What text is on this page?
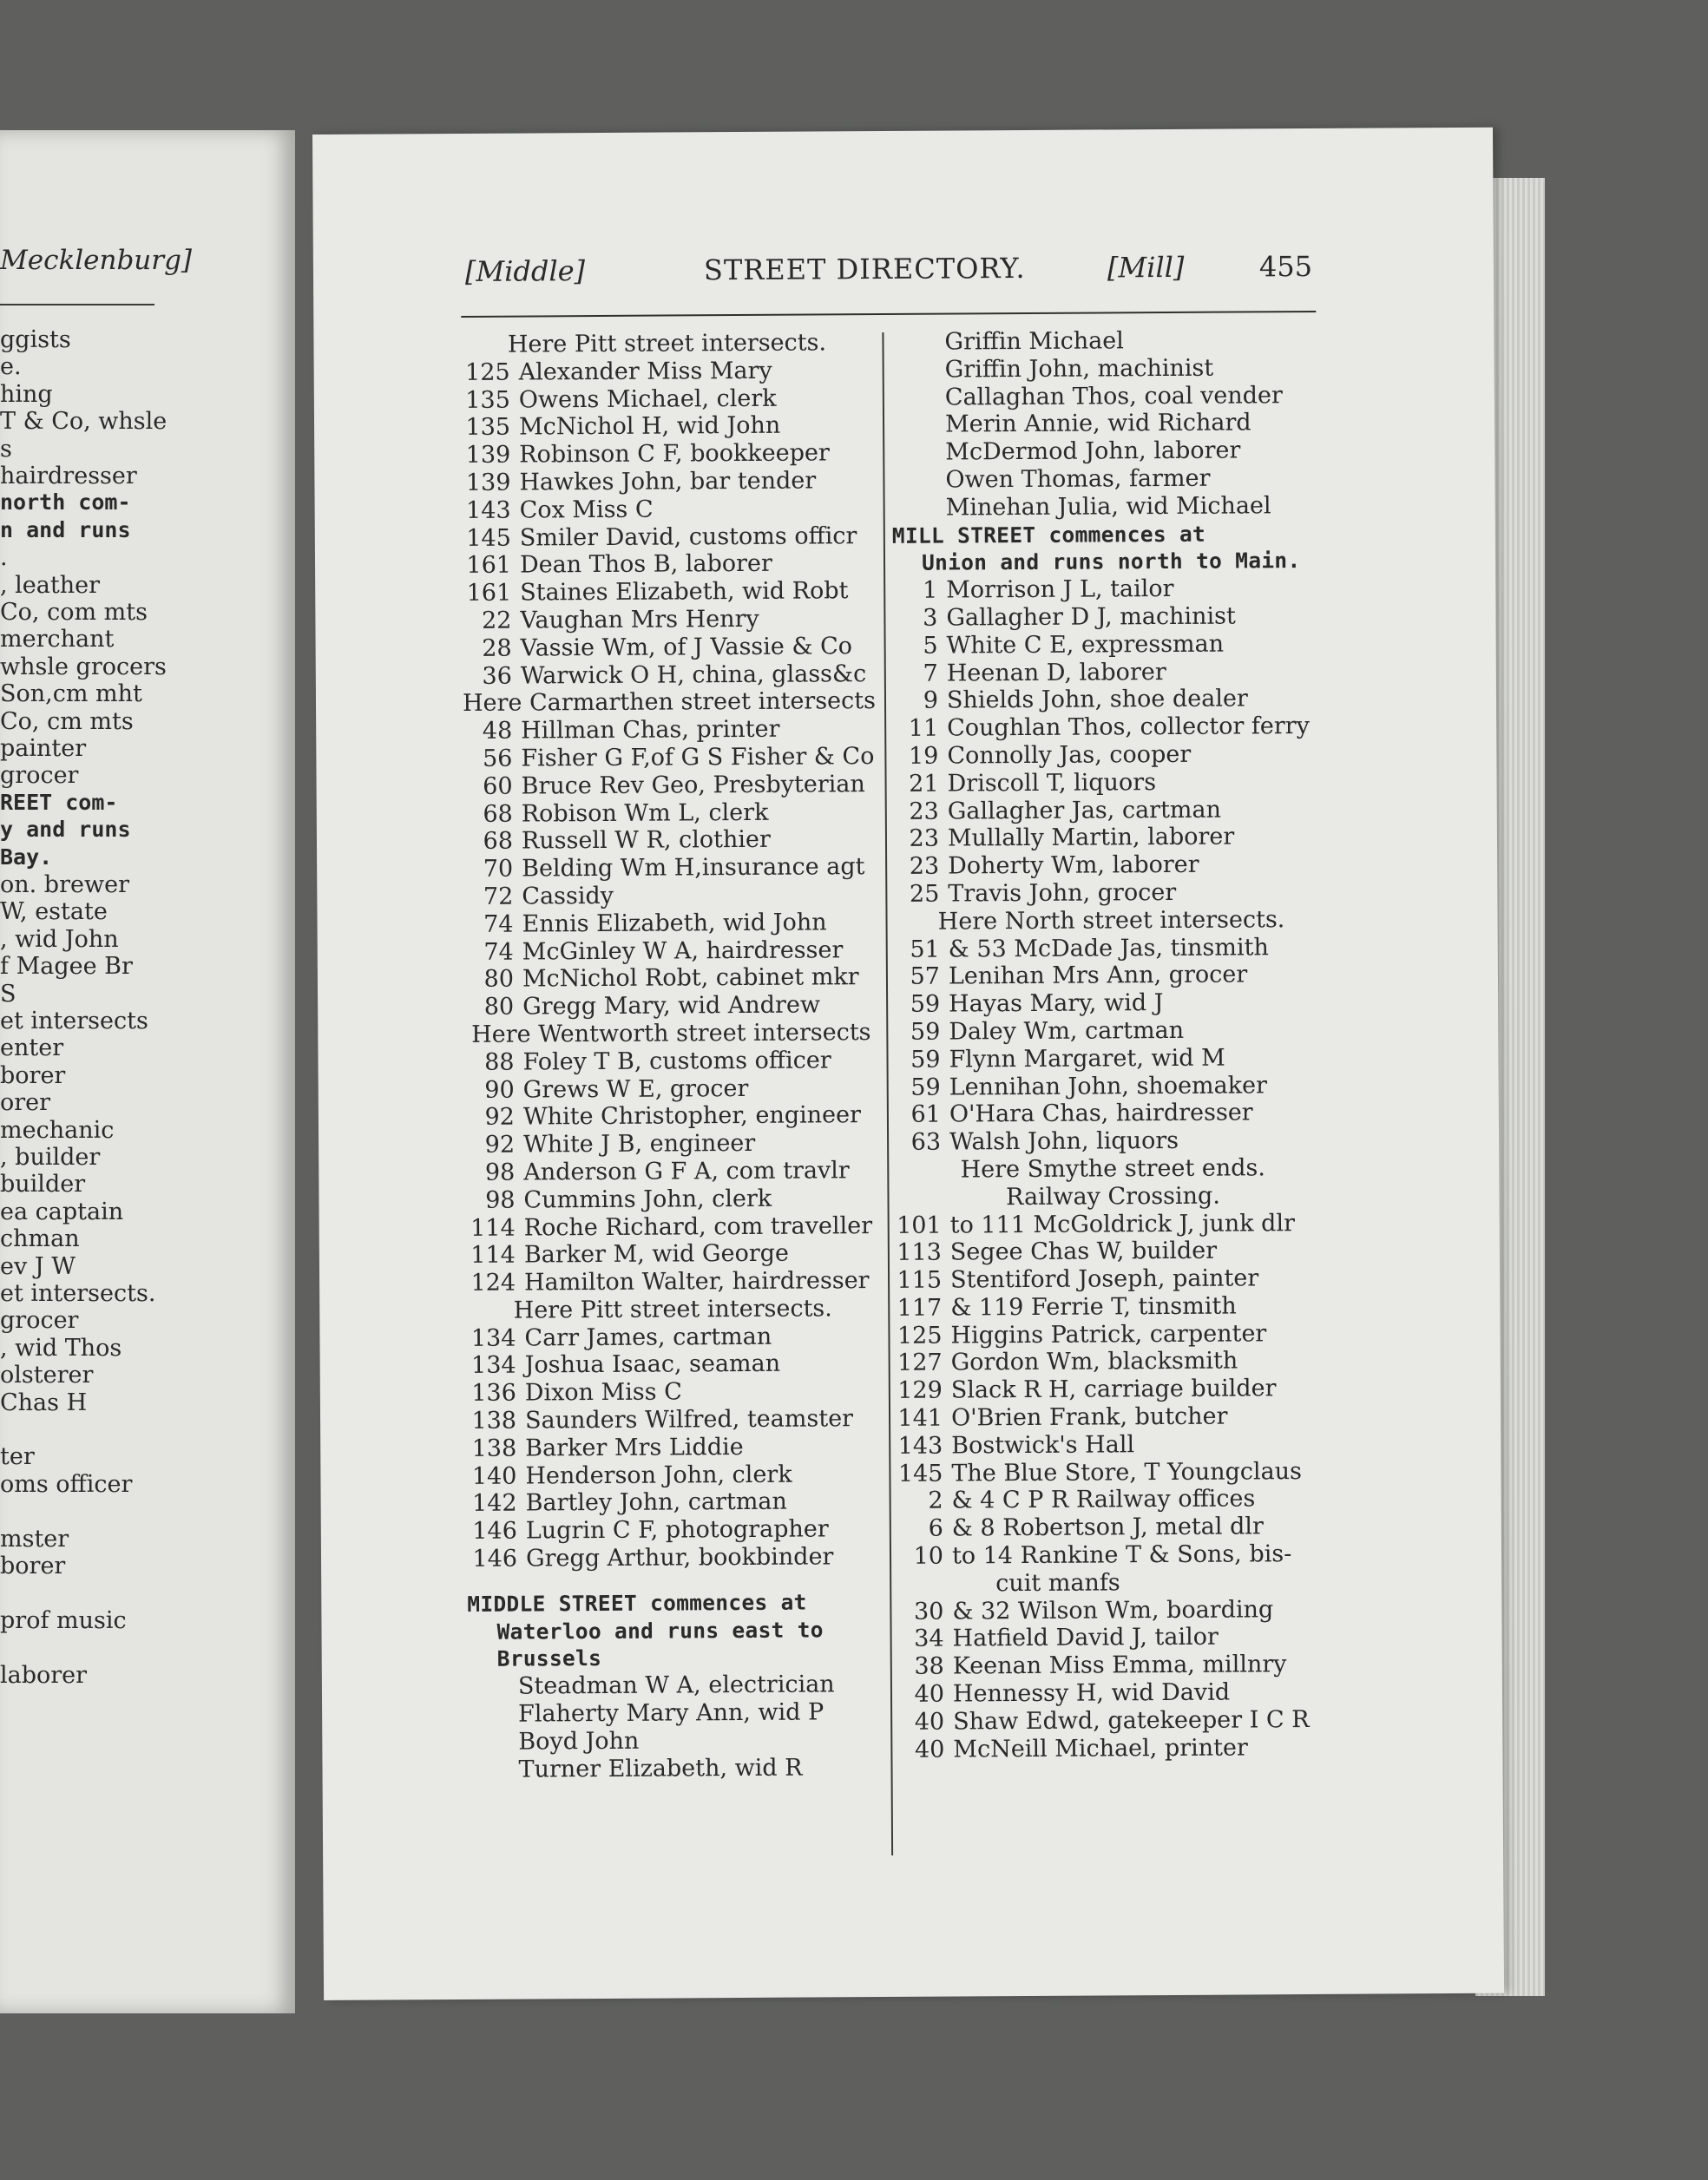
Mecklenburg]
ggists
e.
hing
T & Co, whsle
s
hairdresser
north com-
n and runs
.
, leather
Co, com mts
merchant
whsle grocers
Son,cm mht
Co, cm mts
painter
grocer
REET com-
y and runs
Bay.
on. brewer
W, estate
, wid John
f Magee Br
S
et intersects
enter
borer
orer
mechanic
, builder
builder
ea captain
chman
ev J W
et intersects.
grocer
, wid Thos
olsterer
Chas H
ter
oms officer
mster
borer
prof music
laborer
[Middle]	STREET DIRECTORY.	[Mill]	455
Here Pitt street intersects.
125 Alexander Miss Mary
135 Owens Michael, clerk
135 McNichol H, wid John
139 Robinson C F, bookkeeper
139 Hawkes John, bar tender
143 Cox Miss C
145 Smiler David, customs officr
161 Dean Thos B, laborer
161 Staines Elizabeth, wid Robt
22 Vaughan Mrs Henry
28 Vassie Wm, of J Vassie & Co
36 Warwick O H, china, glass&c
Here Carmarthen street intersects
48 Hillman Chas, printer
56 Fisher G F,of G S Fisher & Co
60 Bruce Rev Geo, Presbyterian
68 Robison Wm L, clerk
68 Russell W R, clothier
70 Belding Wm H,insurance agt
72 Cassidy
74 Ennis Elizabeth, wid John
74 McGinley W A, hairdresser
80 McNichol Robt, cabinet mkr
80 Gregg Mary, wid Andrew
Here Wentworth street intersects
88 Foley T B, customs officer
90 Grews W E, grocer
92 White Christopher, engineer
92 White J B, engineer
98 Anderson G F A, com travlr
98 Cummins John, clerk
114 Roche Richard, com traveller
114 Barker M, wid George
124 Hamilton Walter, hairdresser
Here Pitt street intersects.
134 Carr James, cartman
134 Joshua Isaac, seaman
136 Dixon Miss C
138 Saunders Wilfred, teamster
138 Barker Mrs Liddie
140 Henderson John, clerk
142 Bartley John, cartman
146 Lugrin C F, photographer
146 Gregg Arthur, bookbinder
MIDDLE STREET commences at
Waterloo and runs east to
Brussels
Steadman W A, electrician
Flaherty Mary Ann, wid P
Boyd John
Turner Elizabeth, wid R
Griffin Michael
Griffin John, machinist
Callaghan Thos, coal vender
Merin Annie, wid Richard
McDermod John, laborer
Owen Thomas, farmer
Minehan Julia, wid Michael
MILL STREET commences at
Union and runs north to Main.
1 Morrison J L, tailor
3 Gallagher D J, machinist
5 White C E, expressman
7 Heenan D, laborer
9 Shields John, shoe dealer
11 Coughlan Thos, collector ferry
19 Connolly Jas, cooper
21 Driscoll T, liquors
23 Gallagher Jas, cartman
23 Mullally Martin, laborer
23 Doherty Wm, laborer
25 Travis John, grocer
Here North street intersects.
51 & 53 McDade Jas, tinsmith
57 Lenihan Mrs Ann, grocer
59 Hayas Mary, wid J
59 Daley Wm, cartman
59 Flynn Margaret, wid M
59 Lennihan John, shoemaker
61 O'Hara Chas, hairdresser
63 Walsh John, liquors
Here Smythe street ends.
Railway Crossing.
101 to 111 McGoldrick J, junk dlr
113 Segee Chas W, builder
115 Stentiford Joseph, painter
117 & 119 Ferrie T, tinsmith
125 Higgins Patrick, carpenter
127 Gordon Wm, blacksmith
129 Slack R H, carriage builder
141 O'Brien Frank, butcher
143 Bostwick's Hall
145 The Blue Store, T Youngclaus
2 & 4 C P R Railway offices
6 & 8 Robertson J, metal dlr
10 to 14 Rankine T & Sons, bis-
cuit manfs
30 & 32 Wilson Wm, boarding
34 Hatfield David J, tailor
38 Keenan Miss Emma, millnry
40 Hennessy H, wid David
40 Shaw Edwd, gatekeeper I C R
40 McNeill Michael, printer
